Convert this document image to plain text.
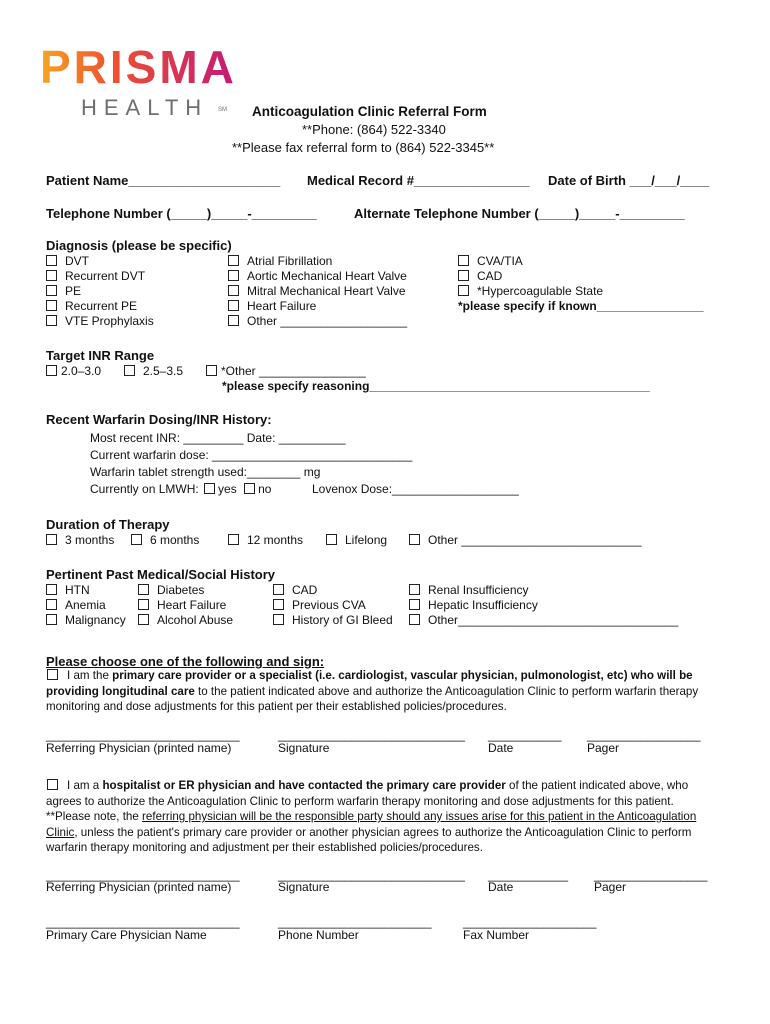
PRISMA
HEALTH SM Anticoagulation Clinic Referral Form
**Phone: (864) 522-3340
**Please fax referral form to (864) 522-3345**
Patient Name_____________________ Medical Record #________________ Date of Birth ___/___/____
Telephone Number (_____)_____-_________	Alternate Telephone Number (_____)_____-_________
Diagnosis (please be specific)
DVT
Recurrent DVT
PE
Recurrent PE
VTE Prophylaxis
Atrial Fibrillation
Aortic Mechanical Heart Valve
Mitral Mechanical Heart Valve
Heart Failure
Other ___________________
CVA/TIA
CAD
*Hypercoagulable State
*please specify if known________________
Target INR Range
2.0–3.0	2.5–3.5	*Other ________________
*please specify reasoning__________________________________________
Recent Warfarin Dosing/INR History:
Most recent INR: _________ Date: __________
Current warfarin dose: ______________________________
Warfarin tablet strength used:________ mg
Currently on LMWH: yes no	Lovenox Dose:___________________
Duration of Therapy
3 months	6 months	12 months	Lifelong	Other ___________________________
Pertinent Past Medical/Social History
HTN
Anemia
Malignancy
Diabetes
Heart Failure
Alcohol Abuse
CAD
Previous CVA
History of GI Bleed
Renal Insufficiency
Hepatic Insufficiency
Other_________________________________
Please choose one of the following and sign:
I am the primary care provider or a specialist (i.e. cardiologist, vascular physician, pulmonologist, etc) who will be providing longitudinal care to the patient indicated above and authorize the Anticoagulation Clinic to perform warfarin therapy monitoring and dose adjustments for this patient per their established policies/procedures.
_____________________________	____________________________ ___________ _________________
Referring Physician (printed name)	Signature	Date	Pager
I am a hospitalist or ER physician and have contacted the primary care provider of the patient indicated above, who agrees to authorize the Anticoagulation Clinic to perform warfarin therapy monitoring and dose adjustments for this patient. **Please note, the referring physician will be the responsible party should any issues arise for this patient in the Anticoagulation Clinic, unless the patient's primary care provider or another physician agrees to authorize the Anticoagulation Clinic to perform warfarin therapy monitoring and adjustment per their established policies/procedures.
_____________________________	____________________________ ____________ _________________
Referring Physician (printed name)	Signature	Date	Pager
_____________________________	_______________________	____________________
Primary Care Physician Name	Phone Number	Fax Number
